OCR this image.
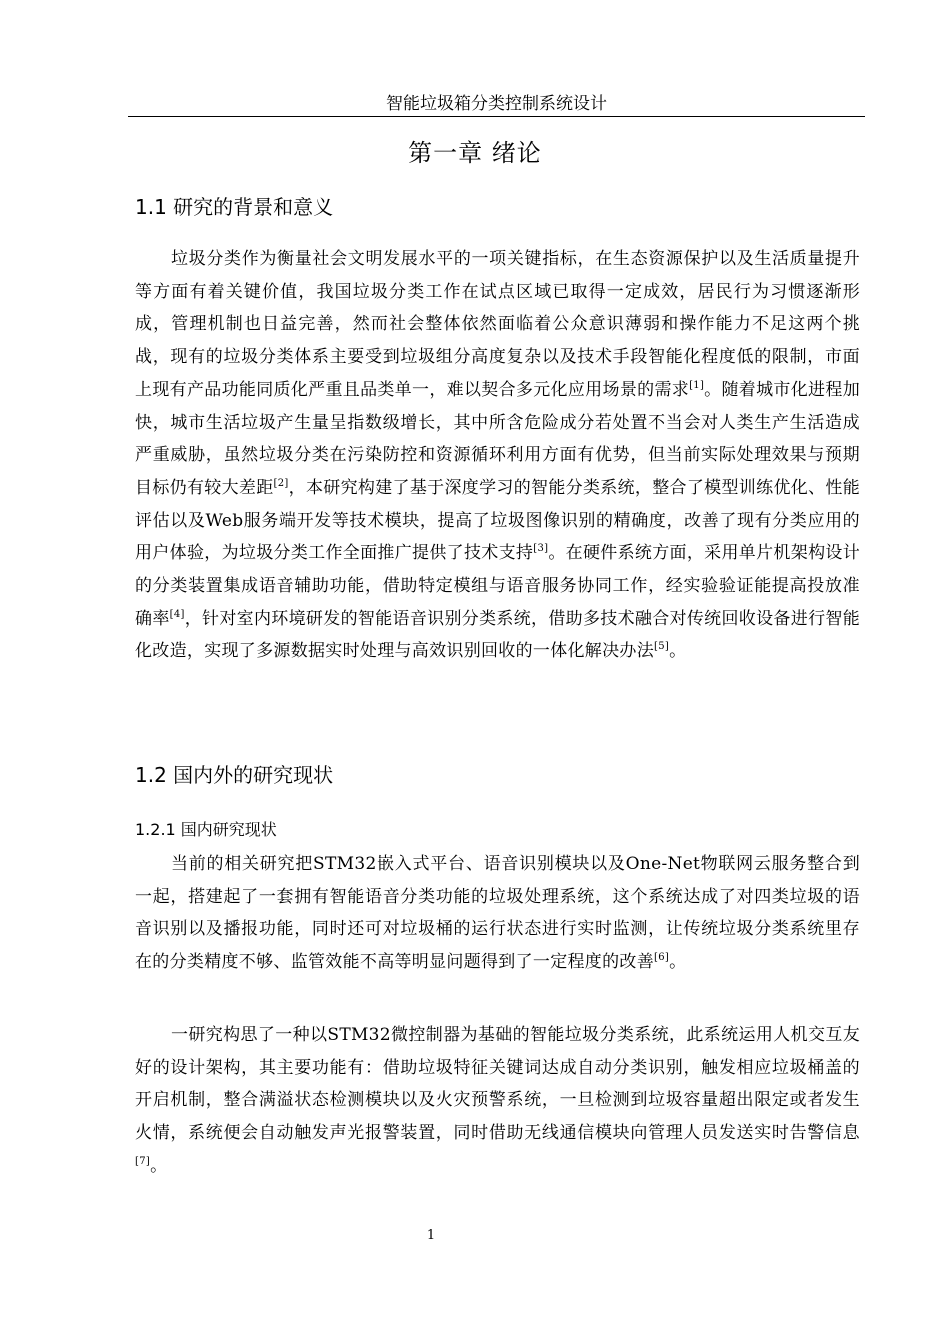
智能垃圾箱分类控制系统设计
第一章 绪论
1.1 研究的背景和意义
垃圾分类作为衡量社会文明发展水平的一项关键指标，在生态资源保护以及生活质量提升等方面有着关键价值，我国垃圾分类工作在试点区域已取得一定成效，居民行为习惯逐渐形成，管理机制也日益完善，然而社会整体依然面临着公众意识薄弱和操作能力不足这两个挑战，现有的垃圾分类体系主要受到垃圾组分高度复杂以及技术手段智能化程度低的限制，市面上现有产品功能同质化严重且品类单一，难以契合多元化应用场景的需求[1]。随着城市化进程加快，城市生活垃圾产生量呈指数级增长，其中所含危险成分若处置不当会对人类生产生活造成严重威胁，虽然垃圾分类在污染防控和资源循环利用方面有优势，但当前实际处理效果与预期目标仍有较大差距[2]，本研究构建了基于深度学习的智能分类系统，整合了模型训练优化、性能评估以及Web服务端开发等技术模块，提高了垃圾图像识别的精确度，改善了现有分类应用的用户体验，为垃圾分类工作全面推广提供了技术支持[3]。在硬件系统方面，采用单片机架构设计的分类装置集成语音辅助功能，借助特定模组与语音服务协同工作，经实验验证能提高投放准确率[4]，针对室内环境研发的智能语音识别分类系统，借助多技术融合对传统回收设备进行智能化改造，实现了多源数据实时处理与高效识别回收的一体化解决办法[5]。
1.2 国内外的研究现状
1.2.1 国内研究现状
当前的相关研究把STM32嵌入式平台、语音识别模块以及One-Net物联网云服务整合到一起，搭建起了一套拥有智能语音分类功能的垃圾处理系统，这个系统达成了对四类垃圾的语音识别以及播报功能，同时还可对垃圾桶的运行状态进行实时监测，让传统垃圾分类系统里存在的分类精度不够、监管效能不高等明显问题得到了一定程度的改善[6]。
一研究构思了一种以STM32微控制器为基础的智能垃圾分类系统，此系统运用人机交互友好的设计架构，其主要功能有：借助垃圾特征关键词达成自动分类识别，触发相应垃圾桶盖的开启机制，整合满溢状态检测模块以及火灾预警系统，一旦检测到垃圾容量超出限定或者发生火情，系统便会自动触发声光报警装置，同时借助无线通信模块向管理人员发送实时告警信息[7]。
1
